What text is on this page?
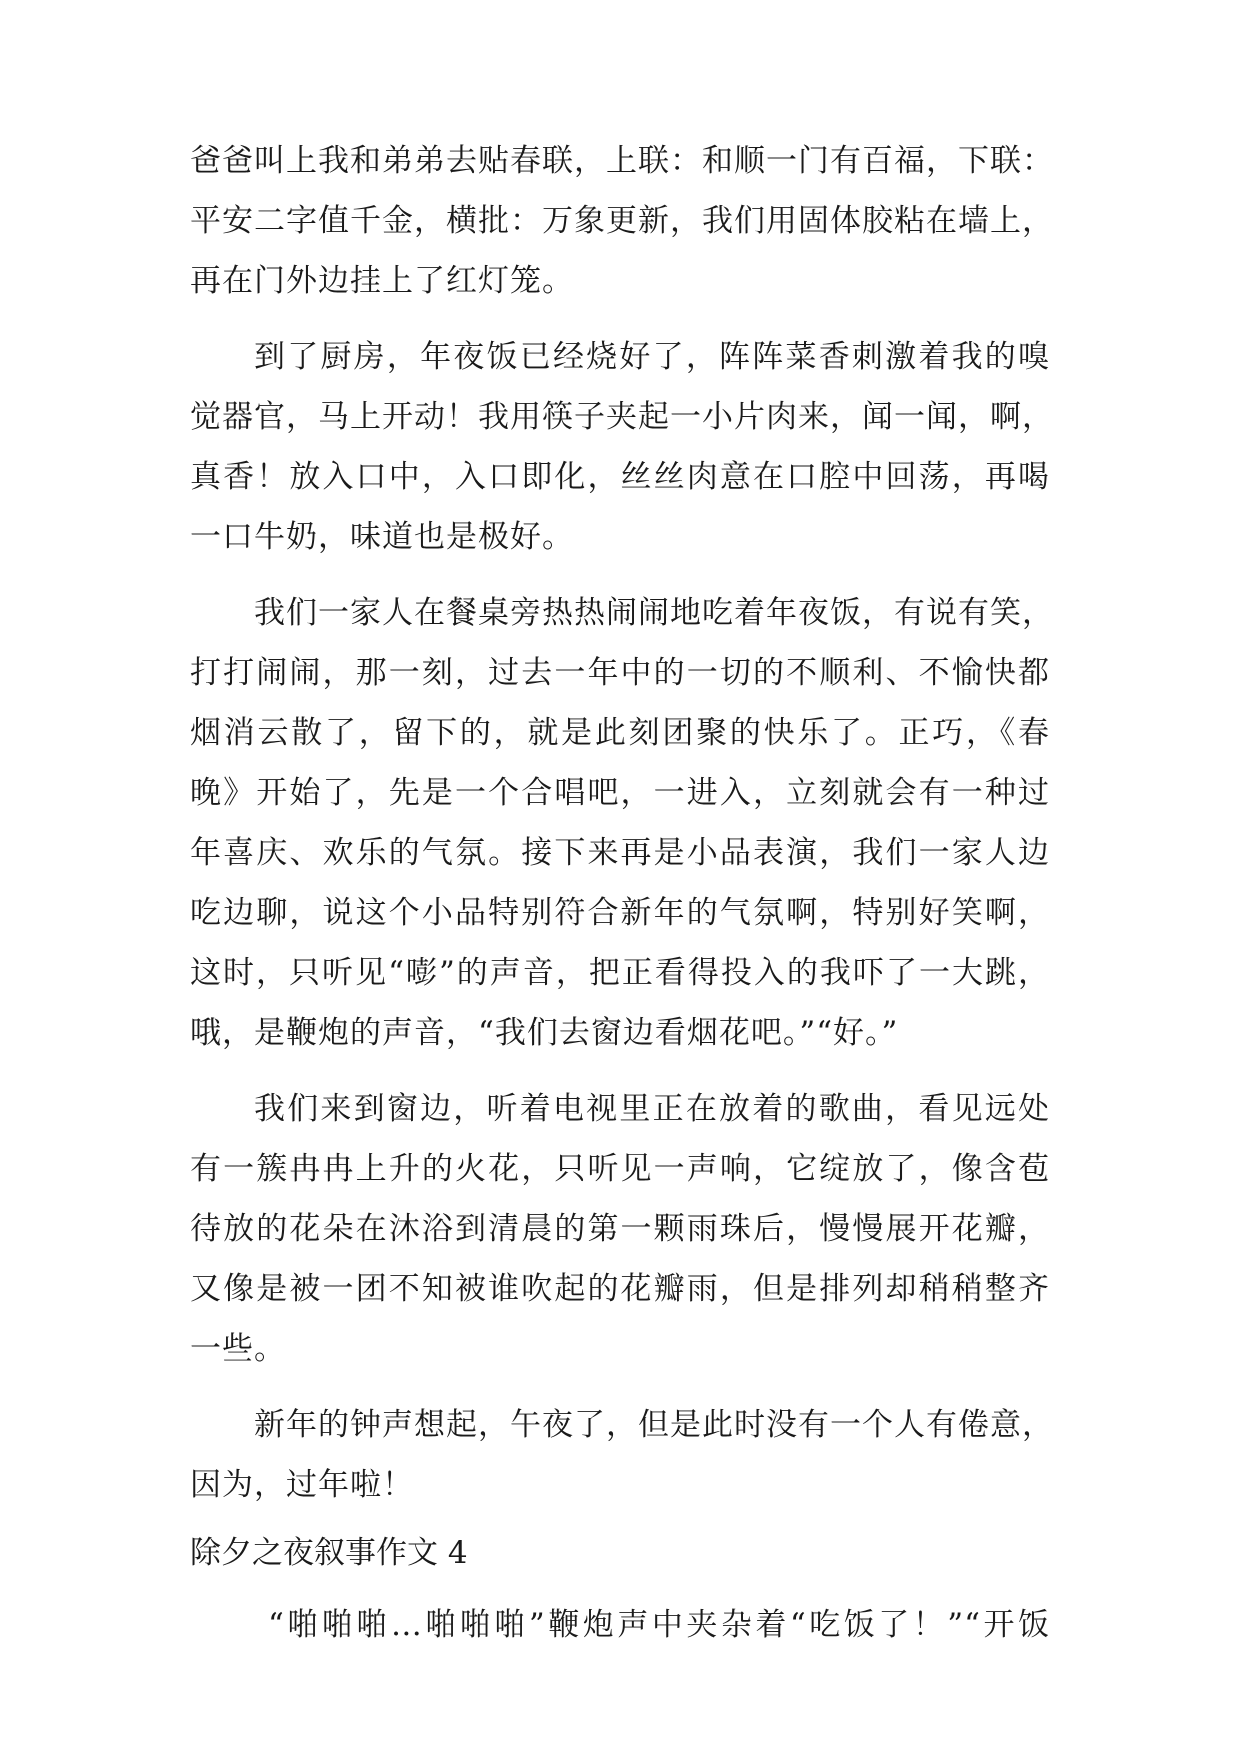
爸爸叫上我和弟弟去贴春联，上联：和顺一门有百福，下联：
平安二字值千金，横批：万象更新，我们用固体胶粘在墙上，
再在门外边挂上了红灯笼。
到了厨房，年夜饭已经烧好了，阵阵菜香刺激着我的嗅
觉器官，马上开动！我用筷子夹起一小片肉来，闻一闻，啊，
真香！放入口中，入口即化，丝丝肉意在口腔中回荡，再喝
一口牛奶，味道也是极好。
我们一家人在餐桌旁热热闹闹地吃着年夜饭，有说有笑，
打打闹闹，那一刻，过去一年中的一切的不顺利、不愉快都
烟消云散了，留下的，就是此刻团聚的快乐了。正巧，《春
晚》开始了，先是一个合唱吧，一进入，立刻就会有一种过
年喜庆、欢乐的气氛。接下来再是小品表演，我们一家人边
吃边聊，说这个小品特别符合新年的气氛啊，特别好笑啊，
这时，只听见“嘭”的声音，把正看得投入的我吓了一大跳，
哦，是鞭炮的声音，“我们去窗边看烟花吧。”“好。”
我们来到窗边，听着电视里正在放着的歌曲，看见远处
有一簇冉冉上升的火花，只听见一声响，它绽放了，像含苞
待放的花朵在沐浴到清晨的第一颗雨珠后，慢慢展开花瓣，
又像是被一团不知被谁吹起的花瓣雨，但是排列却稍稍整齐
一些。
新年的钟声想起，午夜了，但是此时没有一个人有倦意，
因为，过年啦！
除夕之夜叙事作文 4
“啪啪啪…啪啪啪”鞭炮声中夹杂着“吃饭了！”“开饭
